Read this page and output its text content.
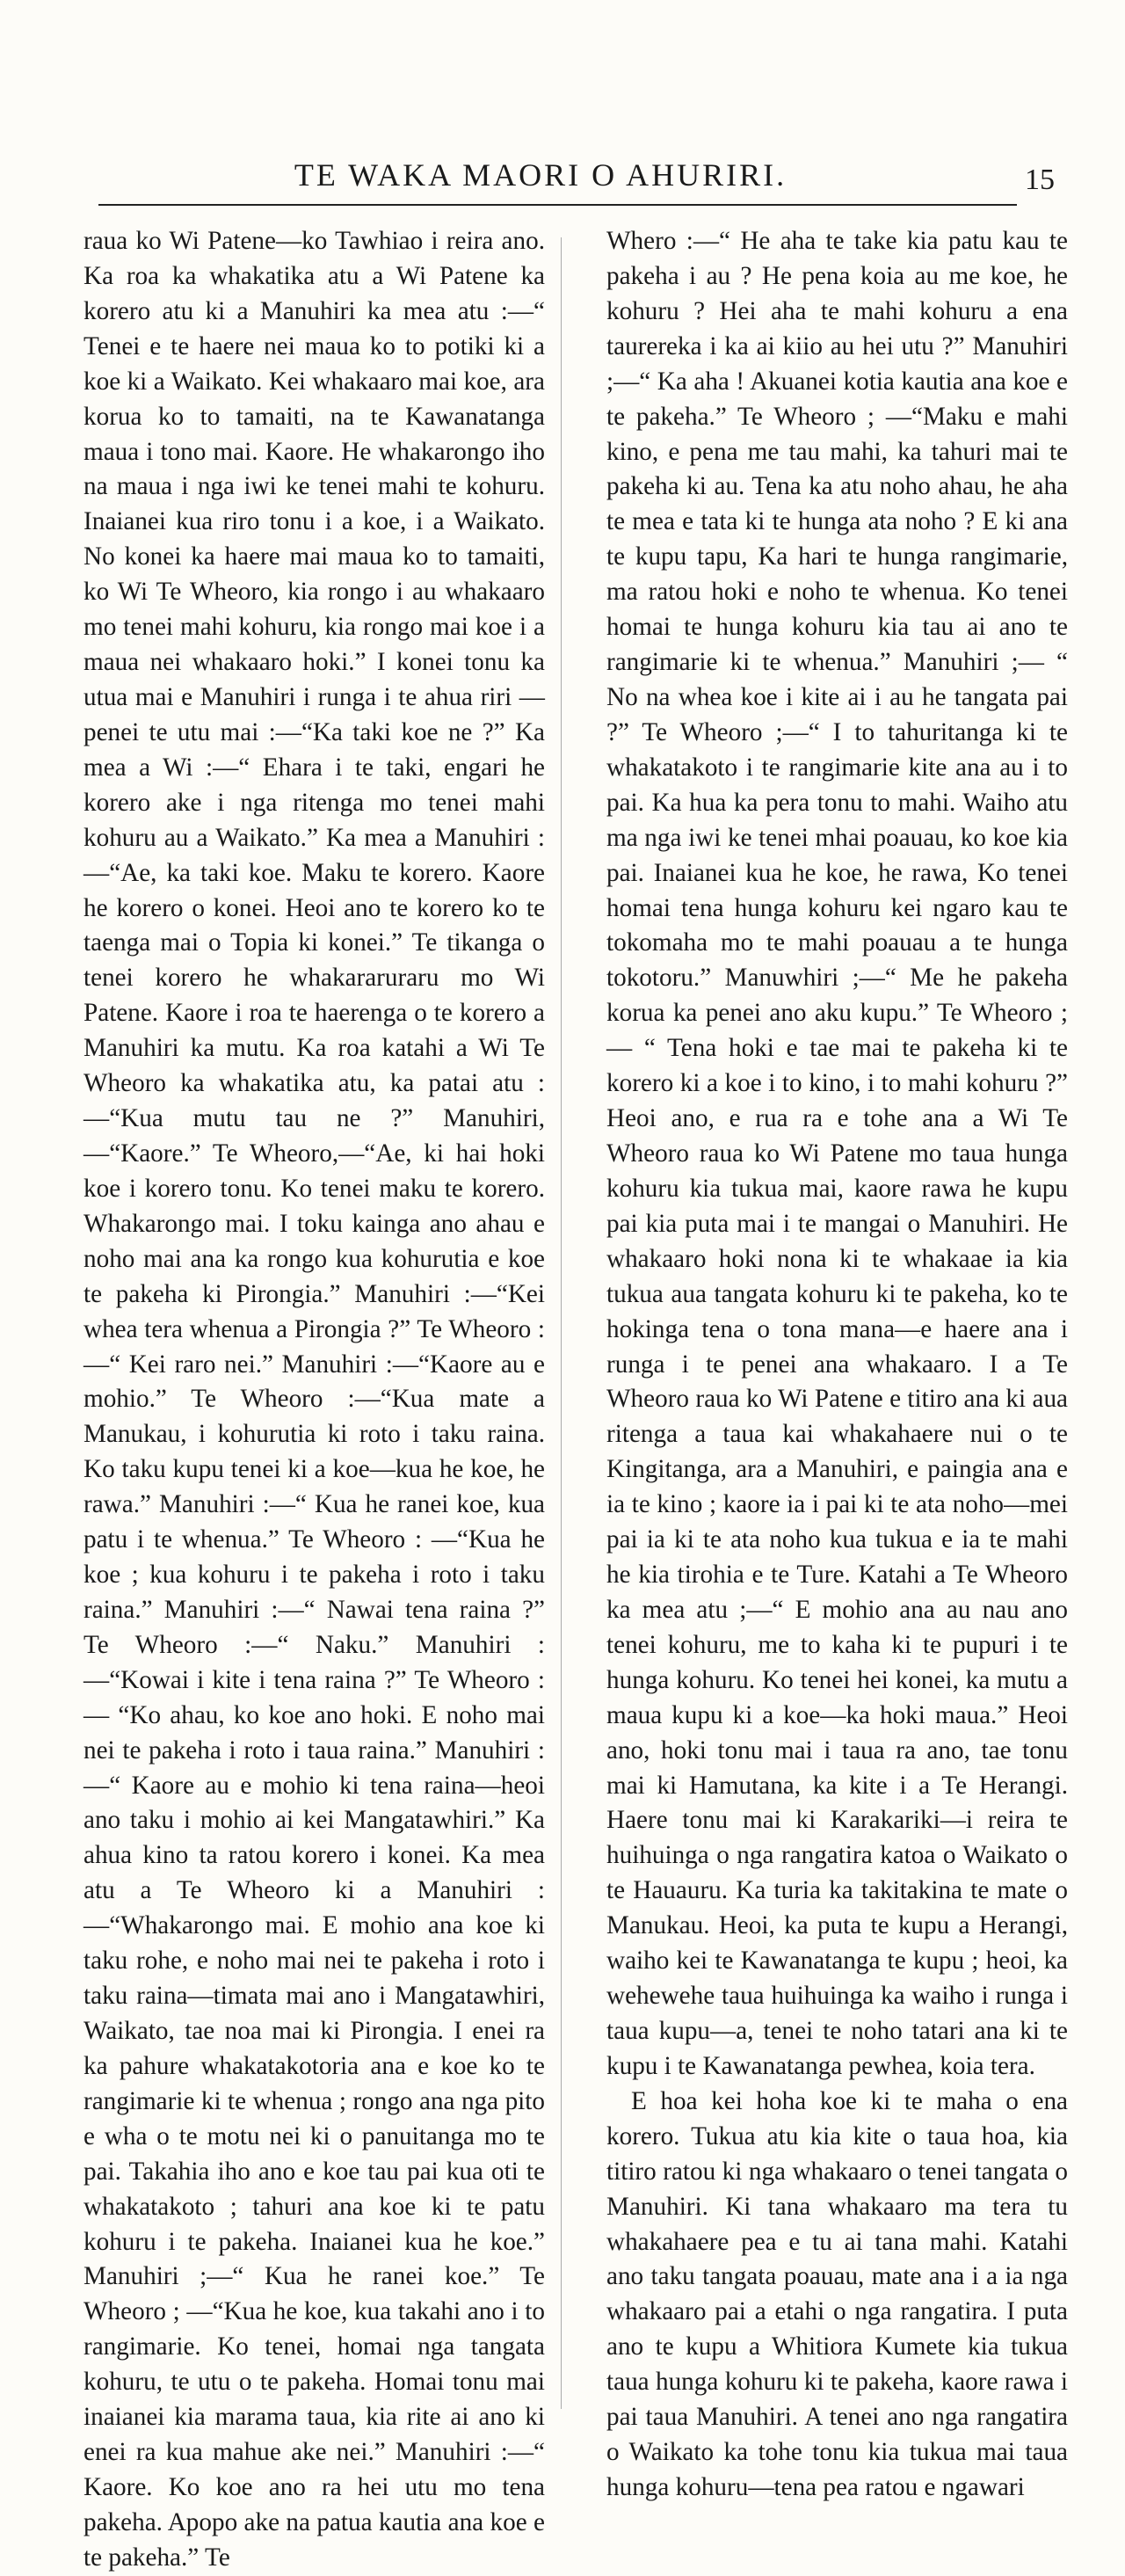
TE WAKA MAORI O AHURIRI.	15

raua ko Wi Patene—ko Tawhiao i reira ano. Ka roa ka whakatika atu a Wi Patene ka korero atu ki a Manuhiri ka mea atu :—“ Tenei e te haere nei maua ko to potiki ki a koe ki a Waikato. Kei whakaaro mai koe, ara korua ko to tamaiti, na te Kawanatanga maua i tono mai. Kaore. He whakarongo iho na maua i nga iwi ke tenei mahi te kohuru. Inaianei kua riro tonu i a koe, i a Waikato. No konei ka haere mai maua ko to tamaiti, ko Wi Te Wheoro, kia rongo i au whakaaro mo tenei mahi kohuru, kia rongo mai koe i a maua nei whakaaro hoki.” I konei tonu ka utua mai e Manuhiri i runga i te ahua riri —penei te utu mai :—“Ka taki koe ne ?” Ka mea a Wi :—“ Ehara i te taki, engari he korero ake i nga ritenga mo tenei mahi kohuru au a Waikato.” Ka mea a Manuhiri :—“Ae, ka taki koe. Maku te korero. Kaore he korero o konei. Heoi ano te korero ko te taenga mai o Topia ki konei.” Te tikanga o tenei korero he whakararuraru mo Wi Patene. Kaore i roa te haerenga o te korero a Manuhiri ka mutu. Ka roa katahi a Wi Te Wheoro ka whakatika atu, ka patai atu :—“Kua mutu tau ne ?” Manuhiri,—“Kaore.” Te Wheoro,—“Ae, ki hai hoki koe i korero tonu. Ko tenei maku te korero. Whakarongo mai. I toku kainga ano ahau e noho mai ana ka rongo kua kohurutia e koe te pakeha ki Pirongia.” Manuhiri :—“Kei whea tera whenua a Pirongia ?” Te Wheoro :—“ Kei raro nei.” Manuhiri :—“Kaore au e mohio.” Te Wheoro :—“Kua mate a Manukau, i kohurutia ki roto i taku raina. Ko taku kupu tenei ki a koe—kua he koe, he rawa.” Manuhiri :—“ Kua he ranei koe, kua patu i te whenua.” Te Wheoro : —“Kua he koe ; kua kohuru i te pakeha i roto i taku raina.” Manuhiri :—“ Nawai tena raina ?” Te Wheoro :—“ Naku.” Manuhiri :—“Kowai i kite i tena raina ?” Te Wheoro :— “Ko ahau, ko koe ano hoki. E noho mai nei te pakeha i roto i taua raina.” Manuhiri :—“ Kaore au e mohio ki tena raina—heoi ano taku i mohio ai kei Mangatawhiri.” Ka ahua kino ta ratou korero i konei. Ka mea atu a Te Wheoro ki a Manuhiri :—“Whakarongo mai. E mohio ana koe ki taku rohe, e noho mai nei te pakeha i roto i taku raina—timata mai ano i Mangatawhiri, Waikato, tae noa mai ki Pirongia. I enei ra ka pahure whakatakotoria ana e koe ko te rangimarie ki te whenua ; rongo ana nga pito e wha o te motu nei ki o panuitanga mo te pai. Takahia iho ano e koe tau pai kua oti te whakatakoto ; tahuri ana koe ki te patu kohuru i te pakeha. Inaianei kua he koe.” Manuhiri ;—“ Kua he ranei koe.” Te Wheoro ; —“Kua he koe, kua takahi ano i to rangimarie. Ko tenei, homai nga tangata kohuru, te utu o te pakeha. Homai tonu mai inaianei kia marama taua, kia rite ai ano ki enei ra kua mahue ake nei.” Manuhiri :—“ Kaore. Ko koe ano ra hei utu mo tena pakeha. Apopo ake na patua kautia ana koe e te pakeha.” Te

Whero :—“ He aha te take kia patu kau te pakeha i au ? He pena koia au me koe, he kohuru ? Hei aha te mahi kohuru a ena taurereka i ka ai kiio au hei utu ?” Manuhiri ;—“ Ka aha ! Akuanei kotia kautia ana koe e te pakeha.” Te Wheoro ; —“Maku e mahi kino, e pena me tau mahi, ka tahuri mai te pakeha ki au. Tena ka atu noho ahau, he aha te mea e tata ki te hunga ata noho ? E ki ana te kupu tapu, Ka hari te hunga rangimarie, ma ratou hoki e noho te whenua. Ko tenei homai te hunga kohuru kia tau ai ano te rangimarie ki te whenua.” Manuhiri ;— “ No na whea koe i kite ai i au he tangata pai ?” Te Wheoro ;—“ I to tahuritanga ki te whakatakoto i te rangimarie kite ana au i to pai. Ka hua ka pera tonu to mahi. Waiho atu ma nga iwi ke tenei mhai poauau, ko koe kia pai. Inaianei kua he koe, he rawa, Ko tenei homai tena hunga kohuru kei ngaro kau te tokomaha mo te mahi poauau a te hunga tokotoru.” Manuwhiri ;—“ Me he pakeha korua ka penei ano aku kupu.” Te Wheoro ;— “ Tena hoki e tae mai te pakeha ki te korero ki a koe i to kino, i to mahi kohuru ?” Heoi ano, e rua ra e tohe ana a Wi Te Wheoro raua ko Wi Patene mo taua hunga kohuru kia tukua mai, kaore rawa he kupu pai kia puta mai i te mangai o Manuhiri. He whakaaro hoki nona ki te whakaae ia kia tukua aua tangata kohuru ki te pakeha, ko te hokinga tena o tona mana—e haere ana i runga i te penei ana whakaaro. I a Te Wheoro raua ko Wi Patene e titiro ana ki aua ritenga a taua kai whakahaere nui o te Kingitanga, ara a Manuhiri, e paingia ana e ia te kino ; kaore ia i pai ki te ata noho—mei pai ia ki te ata noho kua tukua e ia te mahi he kia tirohia e te Ture. Katahi a Te Wheoro ka mea atu ;—“ E mohio ana au nau ano tenei kohuru, me to kaha ki te pupuri i te hunga kohuru. Ko tenei hei konei, ka mutu a maua kupu ki a koe—ka hoki maua.” Heoi ano, hoki tonu mai i taua ra ano, tae tonu mai ki Hamutana, ka kite i a Te Herangi. Haere tonu mai ki Karakariki—i reira te huihuinga o nga rangatira katoa o Waikato o te Hauauru. Ka turia ka takitakina te mate o Manukau. Heoi, ka puta te kupu a Herangi, waiho kei te Kawanatanga te kupu ; heoi, ka wehewehe taua huihuinga ka waiho i runga i taua kupu—a, tenei te noho tatari ana ki te kupu i te Kawanatanga pewhea, koia tera.

E hoa kei hoha koe ki te maha o ena korero. Tukua atu kia kite o taua hoa, kia titiro ratou ki nga whakaaro o tenei tangata o Manuhiri. Ki tana whakaaro ma tera tu whakahaere pea e tu ai tana mahi. Katahi ano taku tangata poauau, mate ana i a ia nga whakaaro pai a etahi o nga rangatira. I puta ano te kupu a Whitiora Kumete kia tukua taua hunga kohuru ki te pakeha, kaore rawa i pai taua Manuhiri. A tenei ano nga rangatira o Waikato ka tohe tonu kia tukua mai taua hunga kohuru—tena pea ratou e ngawari
